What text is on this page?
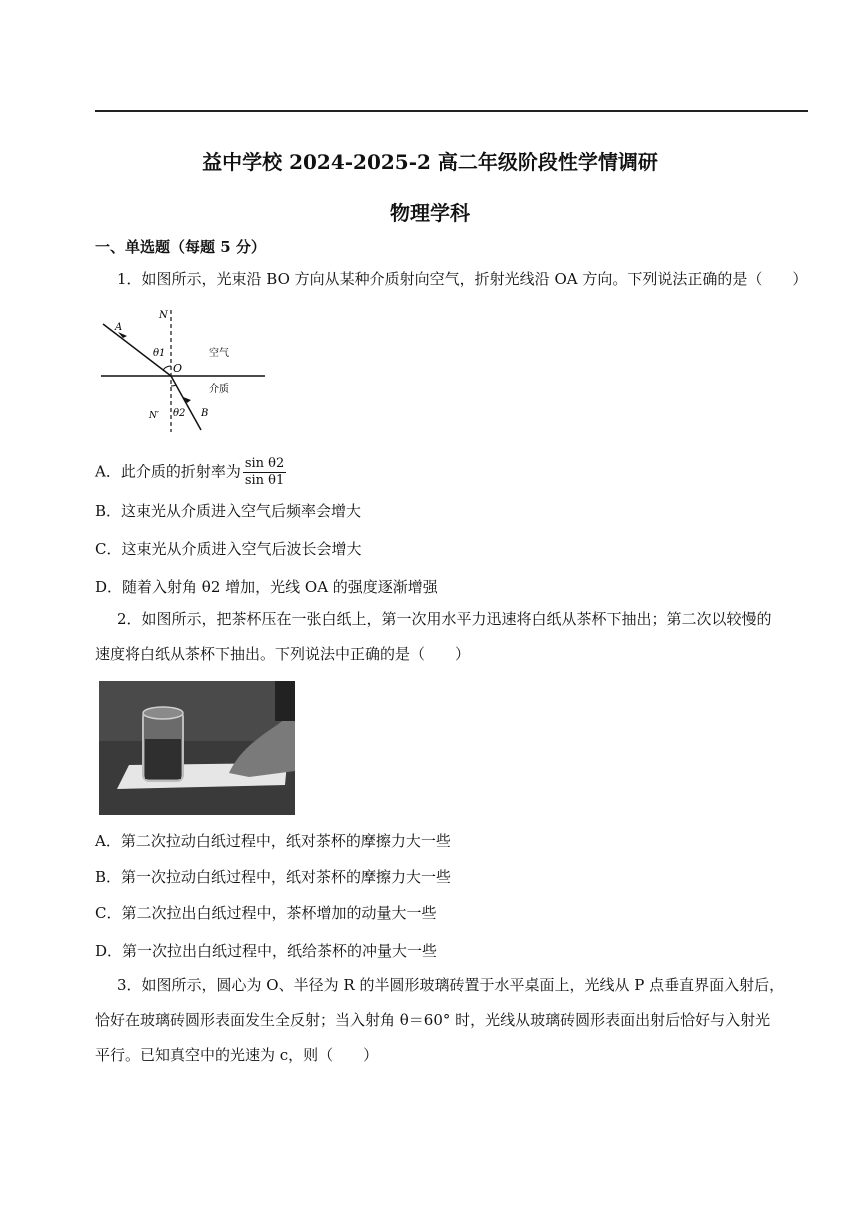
益中学校 2024-2025-2 高二年级阶段性学情调研
物理学科
一、单选题（每题 5 分）
1．如图所示，光束沿 BO 方向从某种介质射向空气，折射光线沿 OA 方向。下列说法正确的是（　　）
N
A
θ1
O
空气
介质
N′ θ2 B
A．此介质的折射率为 $\frac{\text{sin θ2}}{\text{sin θ1}}$
B．这束光从介质进入空气后频率会增大
C．这束光从介质进入空气后波长会增大
D．随着入射角 θ2 增加，光线 OA 的强度逐渐增强
2．如图所示，把茶杯压在一张白纸上，第一次用水平力迅速将白纸从茶杯下抽出；第二次以较慢的速度将白纸从茶杯下抽出。下列说法中正确的是（　　）
A．第二次拉动白纸过程中，纸对茶杯的摩擦力大一些
B．第一次拉动白纸过程中，纸对茶杯的摩擦力大一些
C．第二次拉出白纸过程中，茶杯增加的动量大一些
D．第一次拉出白纸过程中，纸给茶杯的冲量大一些
3．如图所示，圆心为 O、半径为 R 的半圆形玻璃砖置于水平桌面上，光线从 P 点垂直界面入射后，恰好在玻璃砖圆形表面发生全反射；当入射角 θ＝60° 时，光线从玻璃砖圆形表面出射后恰好与入射光平行。已知真空中的光速为 c，则（　　）
